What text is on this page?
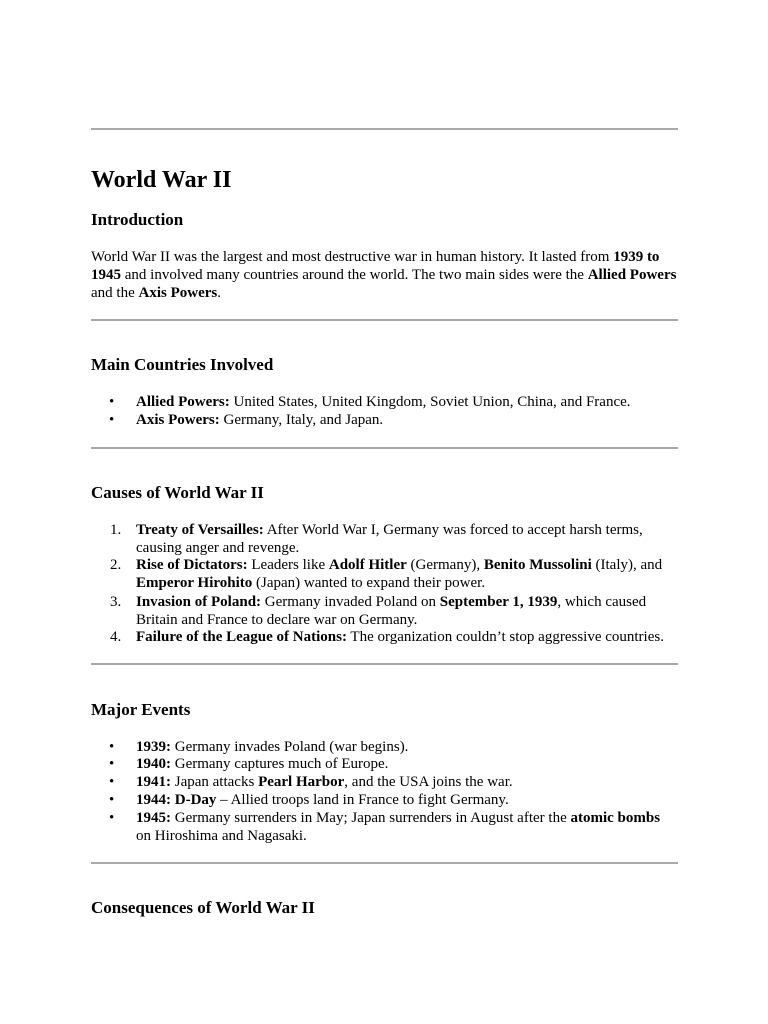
World War II
Introduction

World War II was the largest and most destructive war in human history. It lasted from 1939 to 1945 and involved many countries around the world. The two main sides were the Allied Powers and the Axis Powers.

Main Countries Involved
• Allied Powers: United States, United Kingdom, Soviet Union, China, and France.
• Axis Powers: Germany, Italy, and Japan.
Causes of World War II
1. Treaty of Versailles: After World War I, Germany was forced to accept harsh terms, causing anger and revenge.
2. Rise of Dictators: Leaders like Adolf Hitler (Germany), Benito Mussolini (Italy), and Emperor Hirohito (Japan) wanted to expand their power.
3. Invasion of Poland: Germany invaded Poland on September 1, 1939, which caused Britain and France to declare war on Germany.
4. Failure of the League of Nations: The organization couldn’t stop aggressive countries.
Major Events
• 1939: Germany invades Poland (war begins).
• 1940: Germany captures much of Europe.
• 1941: Japan attacks Pearl Harbor, and the USA joins the war.
• 1944: D-Day – Allied troops land in France to fight Germany.
• 1945: Germany surrenders in May; Japan surrenders in August after the atomic bombs on Hiroshima and Nagasaki.
Consequences of World War II
